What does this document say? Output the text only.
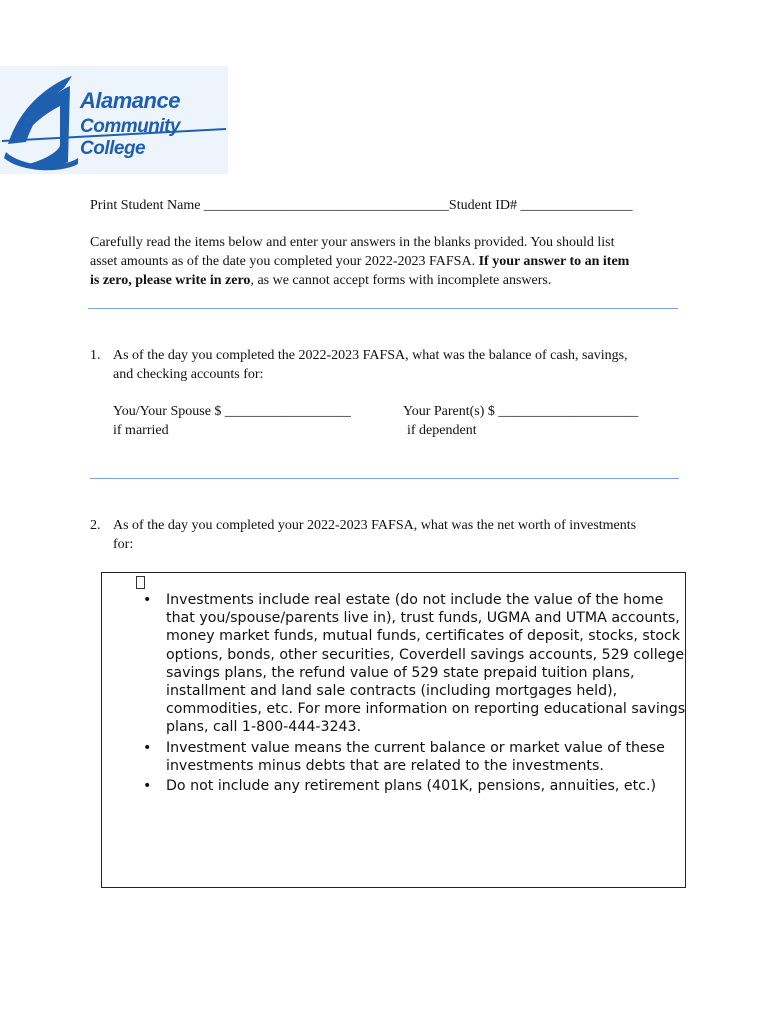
Alamance
Community College
Print Student Name ___________________________________Student ID# ________________
Carefully read the items below and enter your answers in the blanks provided. You should list
asset amounts as of the date you completed your 2022-2023 FAFSA. If your answer to an item
is zero, please write in zero, as we cannot accept forms with incomplete answers.
1. As of the day you completed the 2022-2023 FAFSA, what was the balance of cash, savings,
and checking accounts for:
You/Your Spouse $ __________________
if married
Your Parent(s) $ ____________________
if dependent
2. As of the day you completed your 2022-2023 FAFSA, what was the net worth of investments
for:
• Investments include real estate (do not include the value of the home that you/spouse/parents live in), trust funds, UGMA and UTMA accounts, money market funds, mutual funds, certificates of deposit, stocks, stock options, bonds, other securities, Coverdell savings accounts, 529 college savings plans, the refund value of 529 state prepaid tuition plans, installment and land sale contracts (including mortgages held), commodities, etc. For more information on reporting educational savings plans, call 1-800-444-3243.
• Investment value means the current balance or market value of these investments minus debts that are related to the investments.
• Do not include any retirement plans (401K, pensions, annuities, etc.)
